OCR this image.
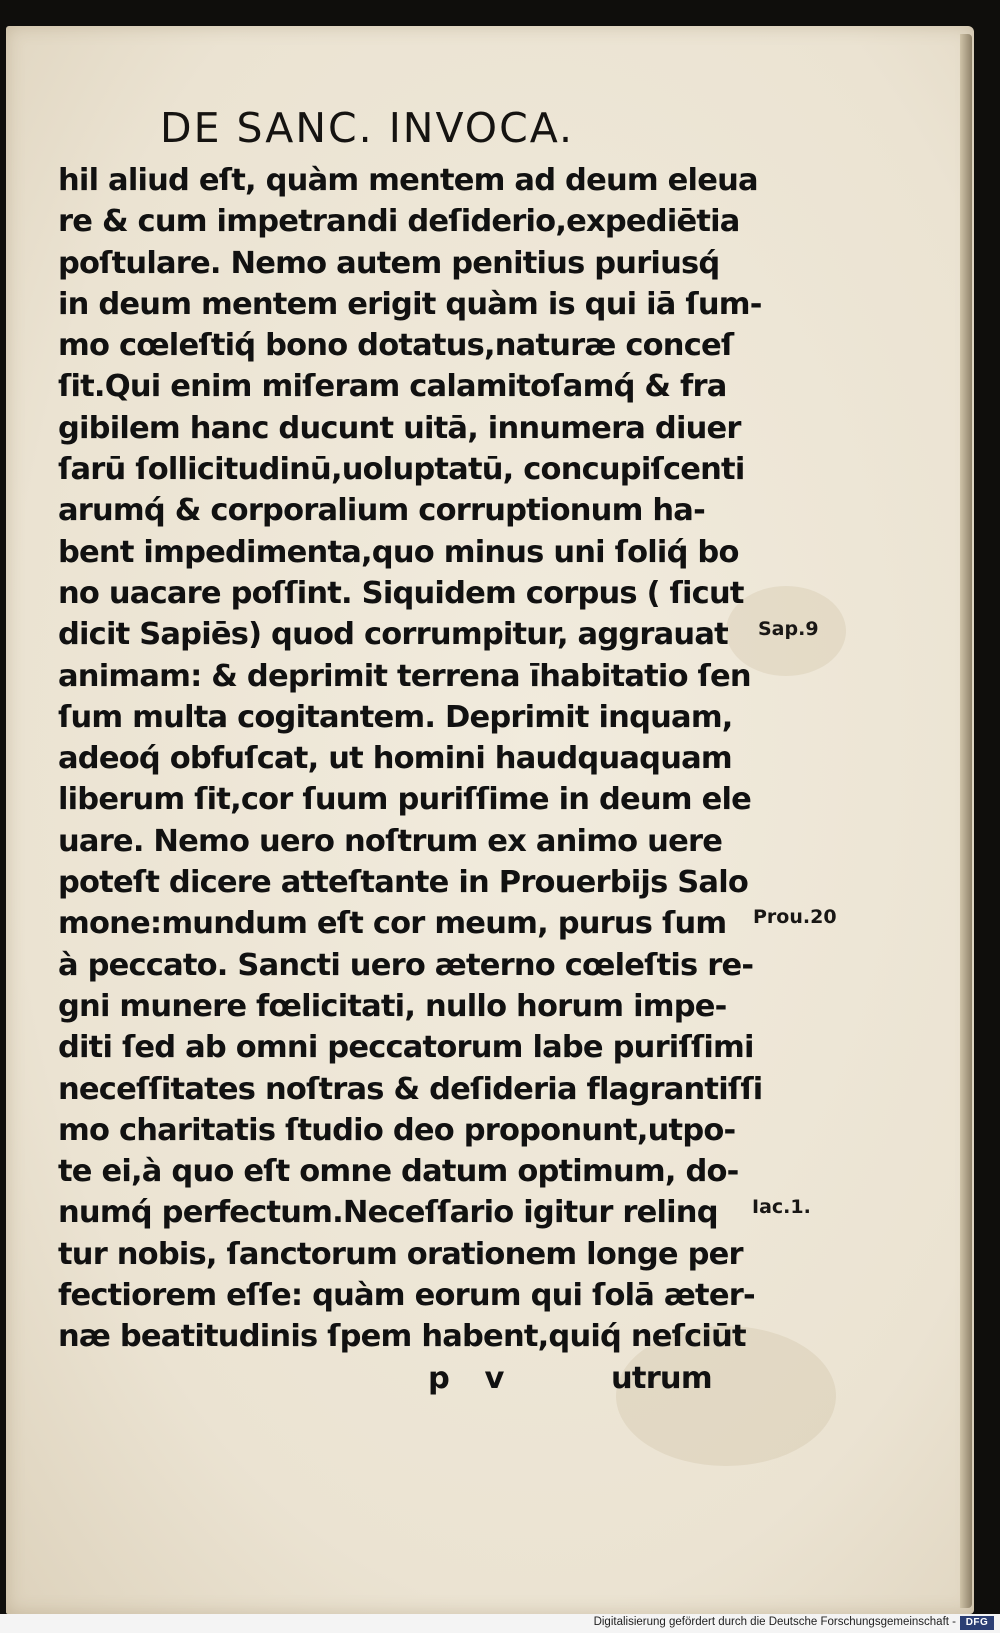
DE SANC. INVOCA.
hil aliud eſt, quàm mentem ad deum eleua
re & cum impetrandi deſiderio,expediētia
poſtulare. Nemo autem penitius puriusq́
in deum mentem erigit quàm is qui iā ſum-
mo cœleſtiq́ bono dotatus,naturæ conceſ
ſit.Qui enim miſeram calamitoſamq́ & fra
gibilem hanc ducunt uitā, innumera diuer
ſarū ſollicitudinū,uoluptatū, concupiſcenti
arumq́ & corporalium corruptionum ha-
bent impedimenta,quo minus uni ſoliq́ bo
no uacare poſſint. Siquidem corpus ( ſicut
dicit Sapiēs) quod corrumpitur, aggrauat
animam: & deprimit terrena īhabitatio ſen
ſum multa cogitantem. Deprimit inquam,
adeoq́ obfuſcat, ut homini haudquaquam
liberum ſit,cor ſuum puriſſime in deum ele
uare. Nemo uero noſtrum ex animo uere
poteſt dicere atteſtante in Prouerbijs Salo
mone:mundum eſt cor meum, purus ſum
à peccato. Sancti uero æterno cœleſtis re-
gni munere fœlicitati, nullo horum impe-
diti ſed ab omni peccatorum labe puriſſimi
neceſſitates noſtras & deſideria flagrantiſſi
mo charitatis ſtudio deo proponunt,utpo-
te ei,à quo eſt omne datum optimum, do-
numq́ perfectum.Neceſſario igitur relinq
tur nobis, ſanctorum orationem longe per
fectiorem eſſe: quàm eorum qui ſolā æter-
næ beatitudinis ſpem habent,quiq́ neſciūt
p v	utrum
Sap.9
Prou.20
Iac.1.
Digitalisierung gefördert durch die Deutsche Forschungsgemeinschaft - DFG
